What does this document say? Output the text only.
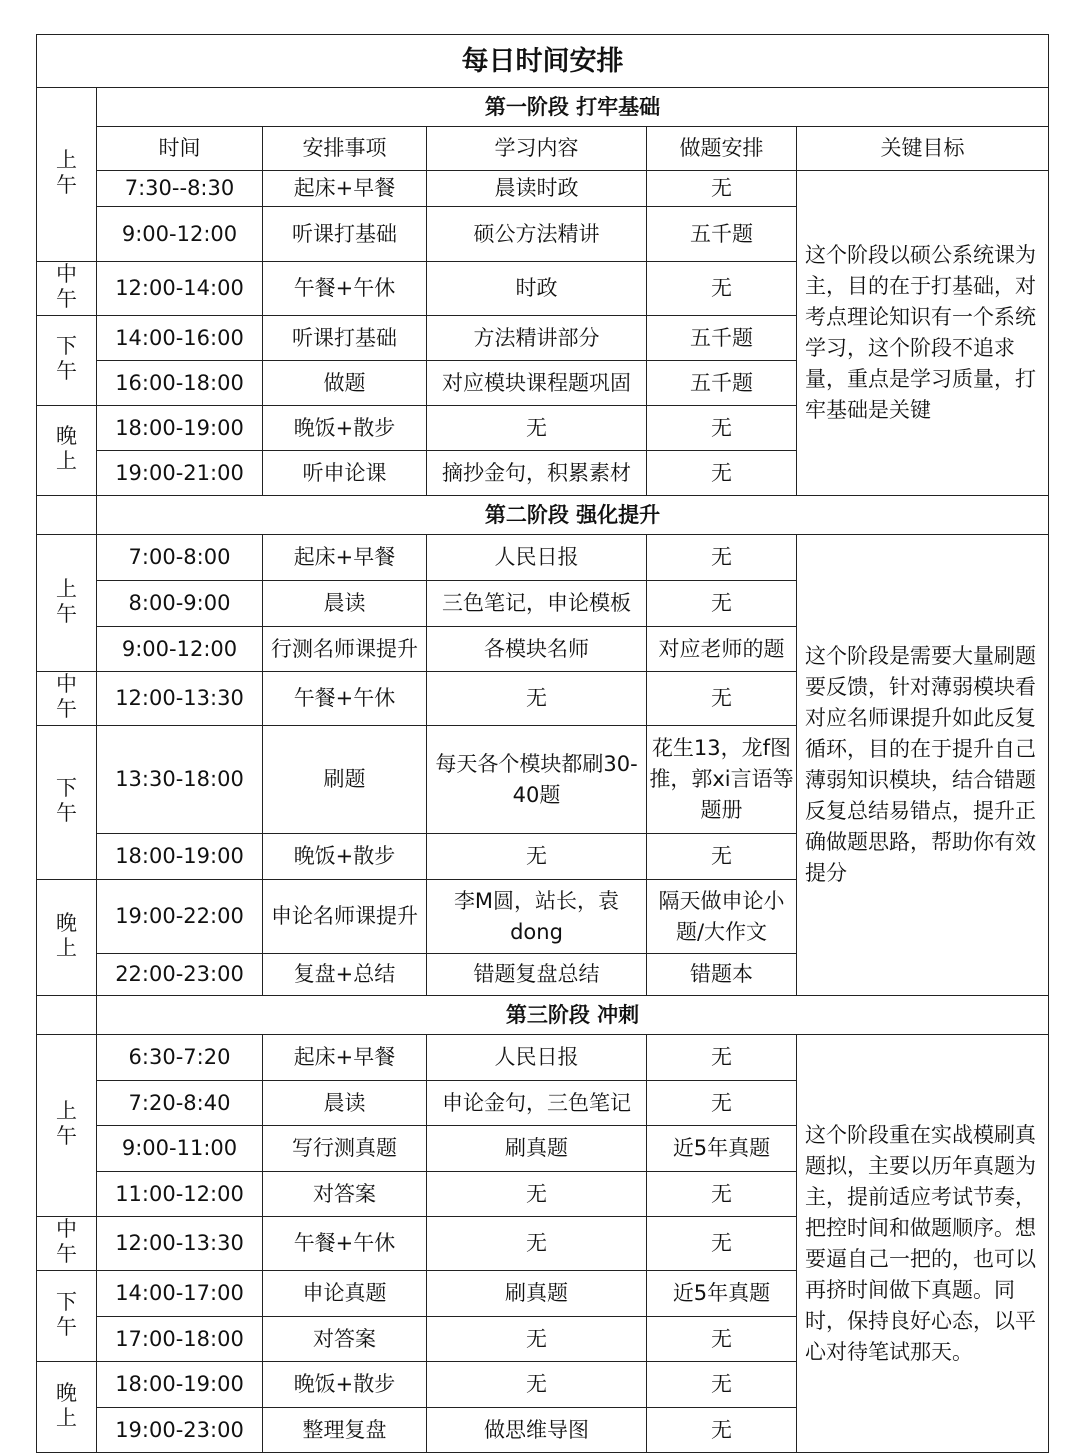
每日时间安排					
上午	第一阶段 打牢基础				
	时间	安排事项	学习内容	做题安排	关键目标
	7:30--8:30	起床+早餐	晨读时政	无	这个阶段以硕公系统课为主，目的在于打基础，对考点理论知识有一个系统学习，这个阶段不追求量，重点是学习质量，打牢基础是关键
	9:00-12:00	听课打基础	硕公方法精讲	五千题	
中午	12:00-14:00	午餐+午休	时政	无	
下午	14:00-16:00	听课打基础	方法精讲部分	五千题	
	16:00-18:00	做题	对应模块课程题巩固	五千题	
晚上	18:00-19:00	晚饭+散步	无	无	
	19:00-21:00	听申论课	摘抄金句，积累素材	无	
	第二阶段 强化提升				
上午	7:00-8:00	起床+早餐	人民日报	无	这个阶段是需要大量刷题要反馈，针对薄弱模块看对应名师课提升如此反复循环，目的在于提升自己薄弱知识模块，结合错题反复总结易错点，提升正确做题思路，帮助你有效提分
	8:00-9:00	晨读	三色笔记，申论模板	无	
	9:00-12:00	行测名师课提升	各模块名师	对应老师的题	
中午	12:00-13:30	午餐+午休	无	无	
下午	13:30-18:00	刷题	每天各个模块都刷30-40题	花生13，龙f图推，郭xi言语等题册	
	18:00-19:00	晚饭+散步	无	无	
晚上	19:00-22:00	申论名师课提升	李M圆，站长，袁dong	隔天做申论小题/大作文	
	22:00-23:00	复盘+总结	错题复盘总结	错题本	
	第三阶段 冲刺				
上午	6:30-7:20	起床+早餐	人民日报	无	这个阶段重在实战模刷真题拟，主要以历年真题为主，提前适应考试节奏，把控时间和做题顺序。想要逼自己一把的，也可以再挤时间做下真题。同时，保持良好心态，以平心对待笔试那天。
	7:20-8:40	晨读	申论金句，三色笔记	无	
	9:00-11:00	写行测真题	刷真题	近5年真题	
	11:00-12:00	对答案	无	无	
中午	12:00-13:30	午餐+午休	无	无	
下午	14:00-17:00	申论真题	刷真题	近5年真题	
	17:00-18:00	对答案	无	无	
晚上	18:00-19:00	晚饭+散步	无	无	
	19:00-23:00	整理复盘	做思维导图	无	
